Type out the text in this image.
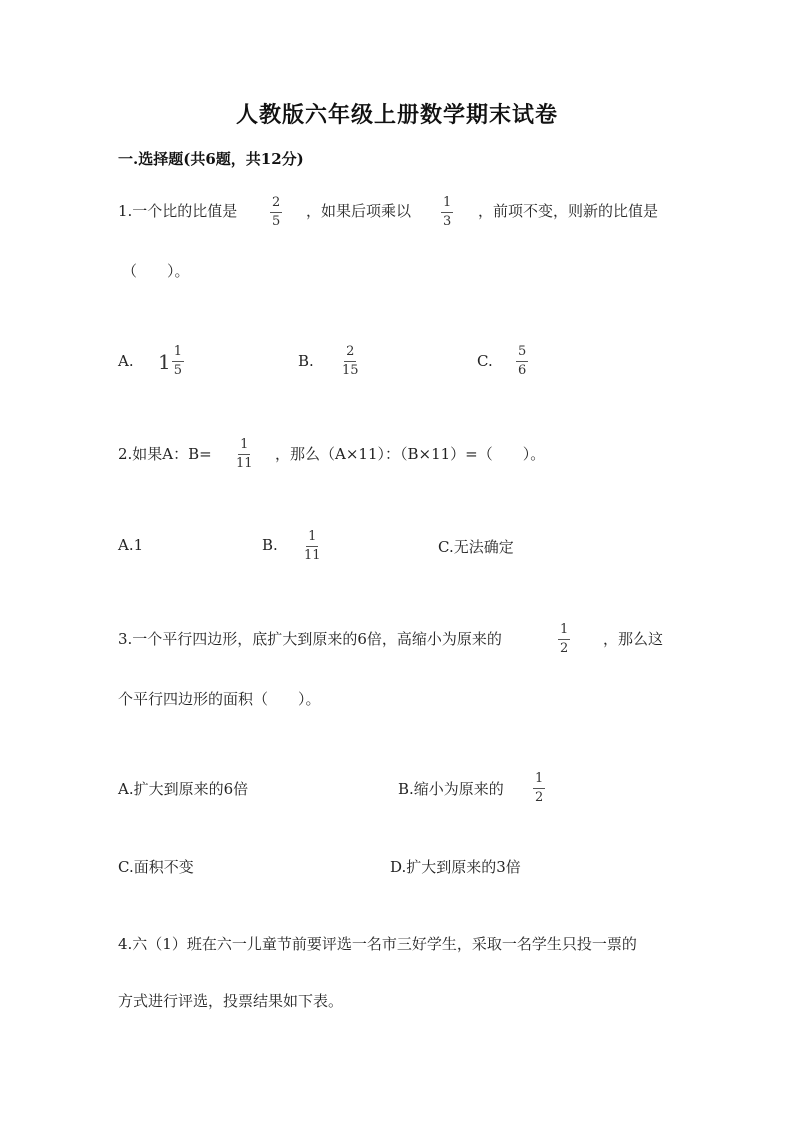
人教版六年级上册数学期末试卷
一.选择题(共6题，共12分)
1.一个比的比值是	$\frac{2}{5}$ ，如果后项乘以 $\frac{1}{3}$ ，前项不变，则新的比值是
（　　）。
A. $1 \frac{1}{5}$	B. $\frac{2}{15}$	C. $\frac{5}{6}$
2.如果A：$B= \frac{1}{11}$ ，那么（A×11）：（B×11）=（　　）。
A.1	B. $\frac{1}{11}$	C.无法确定
3.一个平行四边形，底扩大到原来的6倍，高缩小为原来的	$\frac{1}{2}$ ，那么这
个平行四边形的面积（　　）。
A.扩大到原来的6倍	B.缩小为原来的 $\frac{1}{2}$
C.面积不变	D.扩大到原来的3倍
4.六（1）班在六一儿童节前要评选一名市三好学生，采取一名学生只投一票的
方式进行评选，投票结果如下表。
